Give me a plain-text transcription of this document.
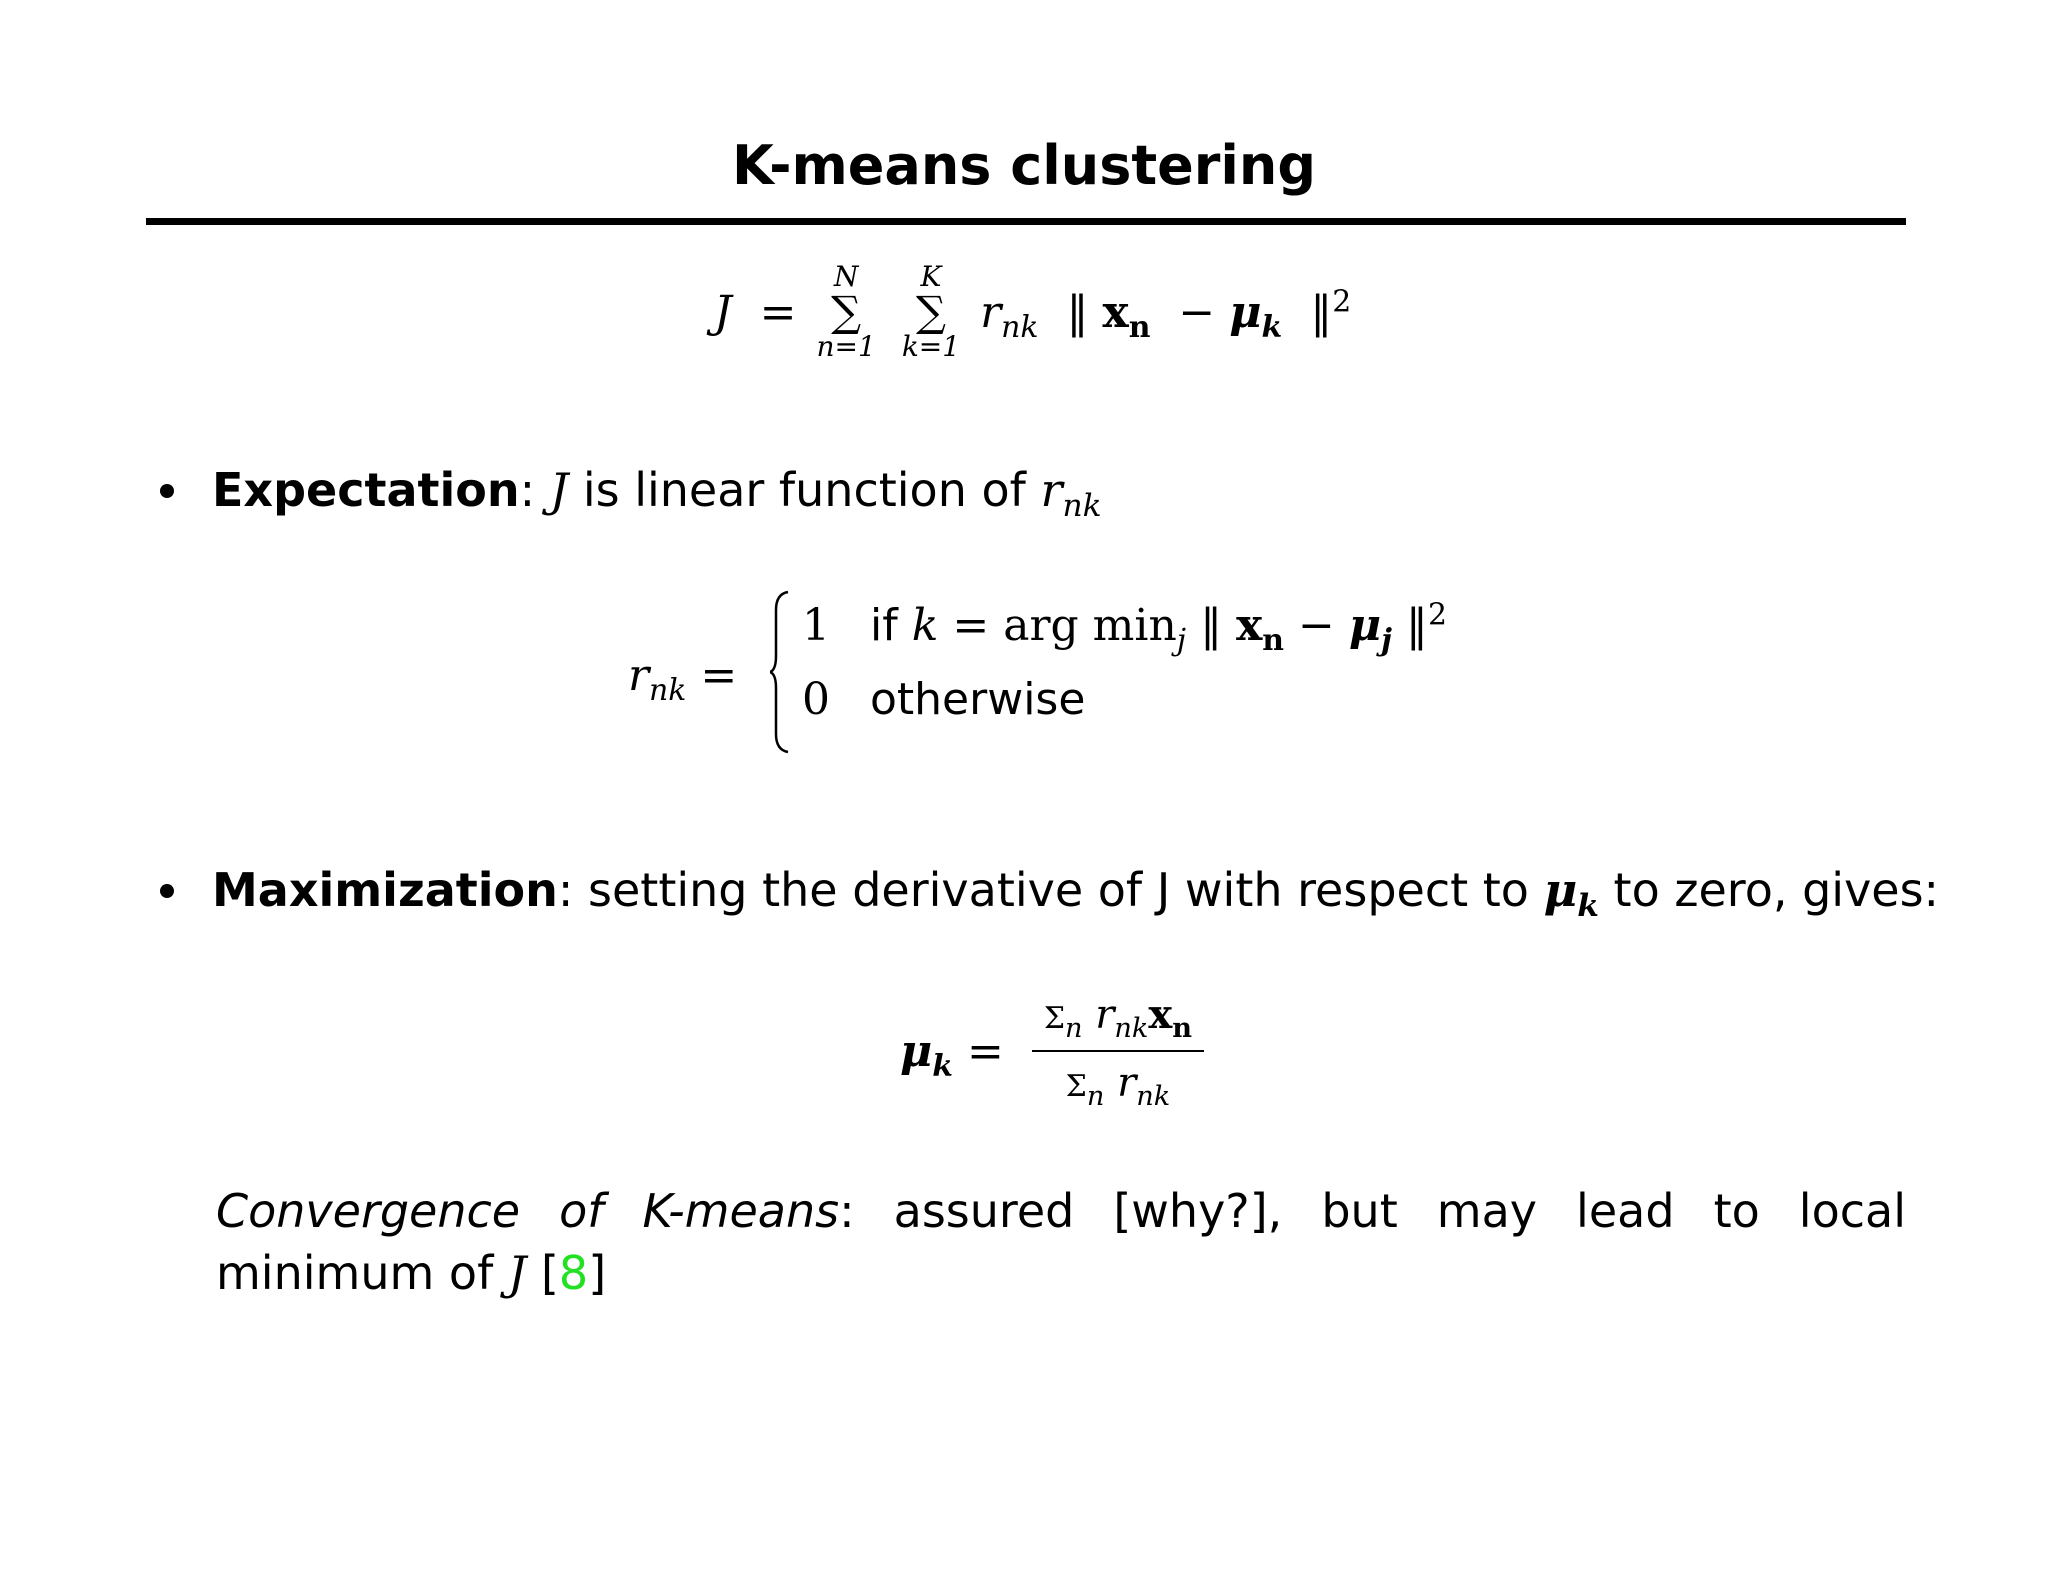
K-means clustering
J  =
N
∑
n=1

K
∑
k=1
$r_{nk}$  ‖ $x_n - \mu_k$  ‖$^2$
Expectation: J is linear function of $r_{nk}$
$r_{nk}$ =
1 if k = arg $\min_j$ ‖ $x_n - \mu_j$ ‖$^2$
0 otherwise
Maximization: setting the derivative of J with respect to $\mu_k$ to zero, gives:
$\mu_k = \frac{\Sigma_n r_{nk}x_n}{\Sigma_n r_{nk}}$
Convergence of K-means: assured [why?], but may lead to local minimum of J [8]
